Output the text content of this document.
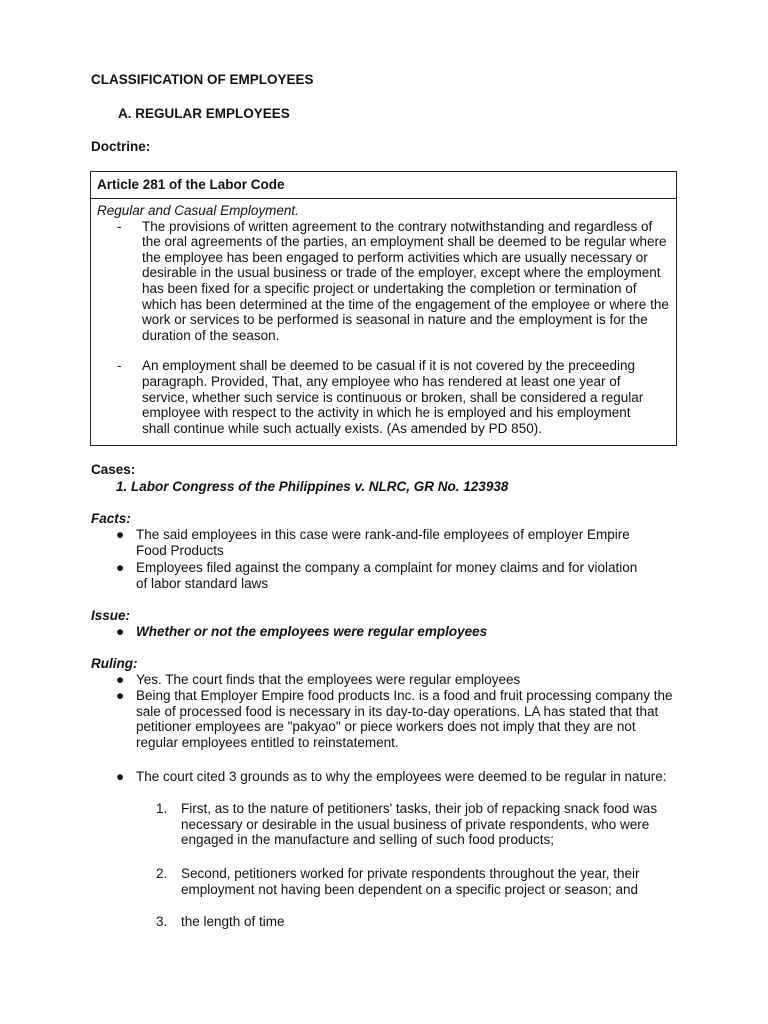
CLASSIFICATION OF EMPLOYEES
A. REGULAR EMPLOYEES
Doctrine:
Article 281 of the Labor Code
Regular and Casual Employment.
- The provisions of written agreement to the contrary notwithstanding and regardless of the oral agreements of the parties, an employment shall be deemed to be regular where the employee has been engaged to perform activities which are usually necessary or desirable in the usual business or trade of the employer, except where the employment has been fixed for a specific project or undertaking the completion or termination of which has been determined at the time of the engagement of the employee or where the work or services to be performed is seasonal in nature and the employment is for the duration of the season.
- An employment shall be deemed to be casual if it is not covered by the preceeding paragraph. Provided, That, any employee who has rendered at least one year of service, whether such service is continuous or broken, shall be considered a regular employee with respect to the activity in which he is employed and his employment shall continue while such actually exists. (As amended by PD 850).
Cases:
1. Labor Congress of the Philippines v. NLRC, GR No. 123938
Facts:
● The said employees in this case were rank-and-file employees of employer Empire Food Products
● Employees filed against the company a complaint for money claims and for violation of labor standard laws
Issue:
● Whether or not the employees were regular employees
Ruling:
● Yes. The court finds that the employees were regular employees
● Being that Employer Empire food products Inc. is a food and fruit processing company the sale of processed food is necessary in its day-to-day operations. LA has stated that that petitioner employees are "pakyao" or piece workers does not imply that they are not regular employees entitled to reinstatement.
● The court cited 3 grounds as to why the employees were deemed to be regular in nature:
1. First, as to the nature of petitioners' tasks, their job of repacking snack food was necessary or desirable in the usual business of private respondents, who were engaged in the manufacture and selling of such food products;
2. Second, petitioners worked for private respondents throughout the year, their employment not having been dependent on a specific project or season; and
3. the length of time
